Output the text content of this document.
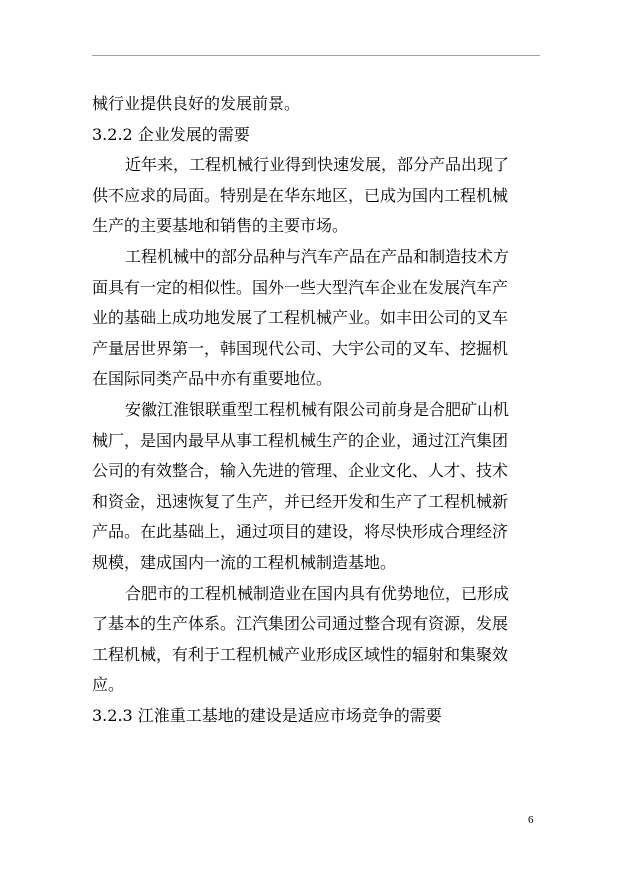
械行业提供良好的发展前景。
3.2.2 企业发展的需要
近年来，工程机械行业得到快速发展，部分产品出现了
供不应求的局面。特别是在华东地区，已成为国内工程机械
生产的主要基地和销售的主要市场。
工程机械中的部分品种与汽车产品在产品和制造技术方
面具有一定的相似性。国外一些大型汽车企业在发展汽车产
业的基础上成功地发展了工程机械产业。如丰田公司的叉车
产量居世界第一，韩国现代公司、大宇公司的叉车、挖掘机
在国际同类产品中亦有重要地位。
安徽江淮银联重型工程机械有限公司前身是合肥矿山机
械厂，是国内最早从事工程机械生产的企业，通过江汽集团
公司的有效整合，输入先进的管理、企业文化、人才、技术
和资金，迅速恢复了生产，并已经开发和生产了工程机械新
产品。在此基础上，通过项目的建设，将尽快形成合理经济
规模，建成国内一流的工程机械制造基地。
合肥市的工程机械制造业在国内具有优势地位，已形成
了基本的生产体系。江汽集团公司通过整合现有资源，发展
工程机械，有利于工程机械产业形成区域性的辐射和集聚效
应。
3.2.3 江淮重工基地的建设是适应市场竞争的需要
6
